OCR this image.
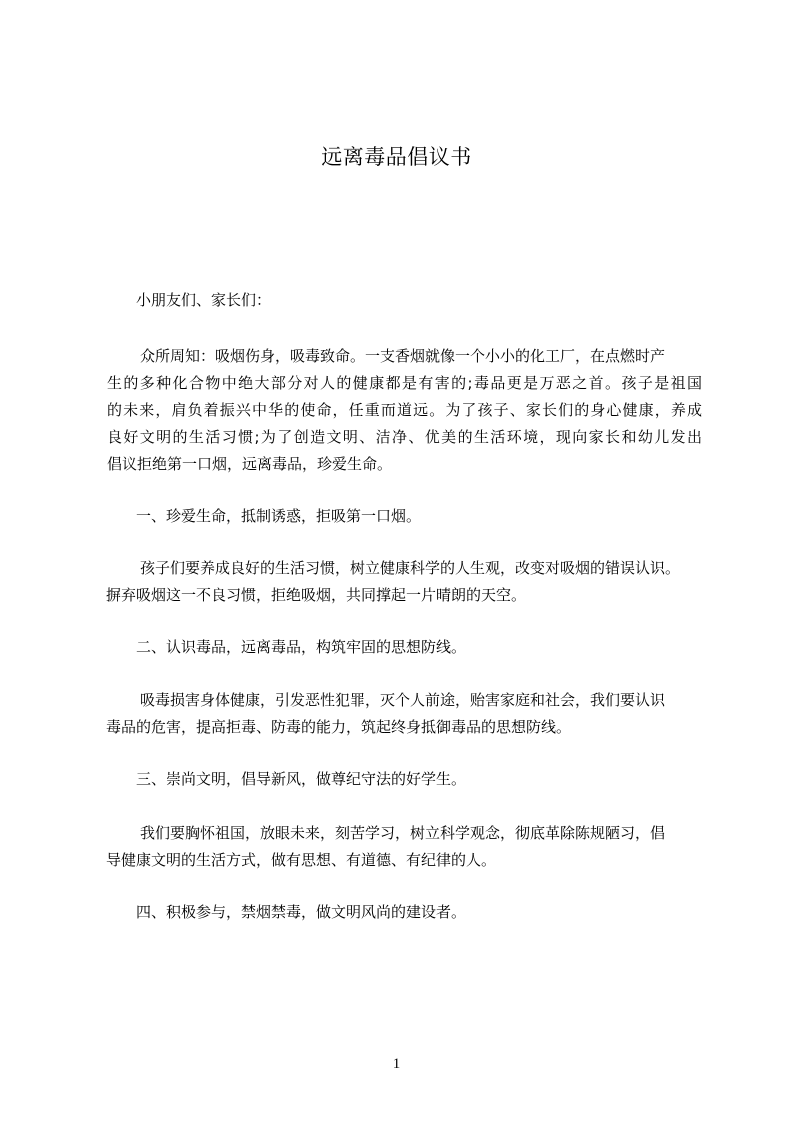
远离毒品倡议书
小朋友们、家长们：
众所周知：吸烟伤身，吸毒致命。一支香烟就像一个小小的化工厂，在点燃时产
生的多种化合物中绝大部分对人的健康都是有害的;毒品更是万恶之首。孩子是祖国
的未来，肩负着振兴中华的使命，任重而道远。为了孩子、家长们的身心健康，养成
良好文明的生活习惯;为了创造文明、洁净、优美的生活环境，现向家长和幼儿发出
倡议拒绝第一口烟，远离毒品，珍爱生命。
一、珍爱生命，抵制诱惑，拒吸第一口烟。
孩子们要养成良好的生活习惯，树立健康科学的人生观，改变对吸烟的错误认识。
摒弃吸烟这一不良习惯，拒绝吸烟，共同撑起一片晴朗的天空。
二、认识毒品，远离毒品，构筑牢固的思想防线。
吸毒损害身体健康，引发恶性犯罪，灭个人前途，贻害家庭和社会，我们要认识
毒品的危害，提高拒毒、防毒的能力，筑起终身抵御毒品的思想防线。
三、崇尚文明，倡导新风，做尊纪守法的好学生。
我们要胸怀祖国，放眼未来，刻苦学习，树立科学观念，彻底革除陈规陋习，倡
导健康文明的生活方式，做有思想、有道德、有纪律的人。
四、积极参与，禁烟禁毒，做文明风尚的建设者。
1
